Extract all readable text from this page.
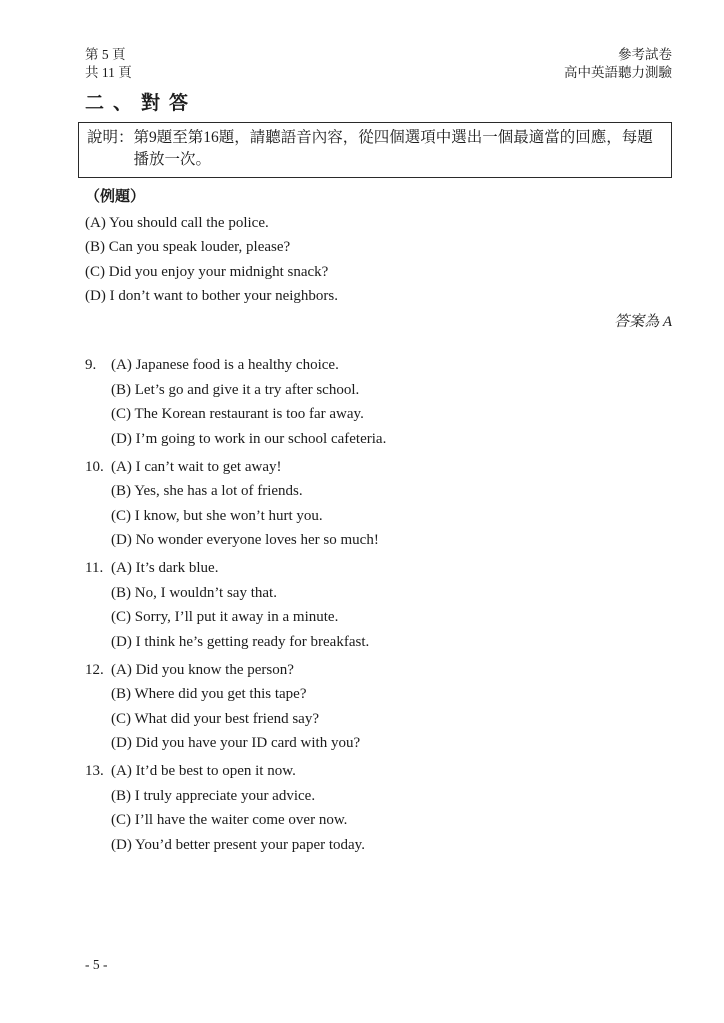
第 5 頁
共 11 頁
參考試卷
高中英語聽力測驗
二、對答

說明：第9題至第16題，請聽語音內容，從四個選項中選出一個最適當的回應，每題播放一次。

（例題）
(A) You should call the police.
(B) Can you speak louder, please?
(C) Did you enjoy your midnight snack?
(D) I don’t want to bother your neighbors.
答案為 A
9. (A) Japanese food is a healthy choice.
(B) Let’s go and give it a try after school.
(C) The Korean restaurant is too far away.
(D) I’m going to work in our school cafeteria.
10. (A) I can’t wait to get away!
(B) Yes, she has a lot of friends.
(C) I know, but she won’t hurt you.
(D) No wonder everyone loves her so much!
11. (A) It’s dark blue.
(B) No, I wouldn’t say that.
(C) Sorry, I’ll put it away in a minute.
(D) I think he’s getting ready for breakfast.
12. (A) Did you know the person?
(B) Where did you get this tape?
(C) What did your best friend say?
(D) Did you have your ID card with you?
13. (A) It’d be best to open it now.
(B) I truly appreciate your advice.
(C) I’ll have the waiter come over now.
(D) You’d better present your paper today.
- 5 -
